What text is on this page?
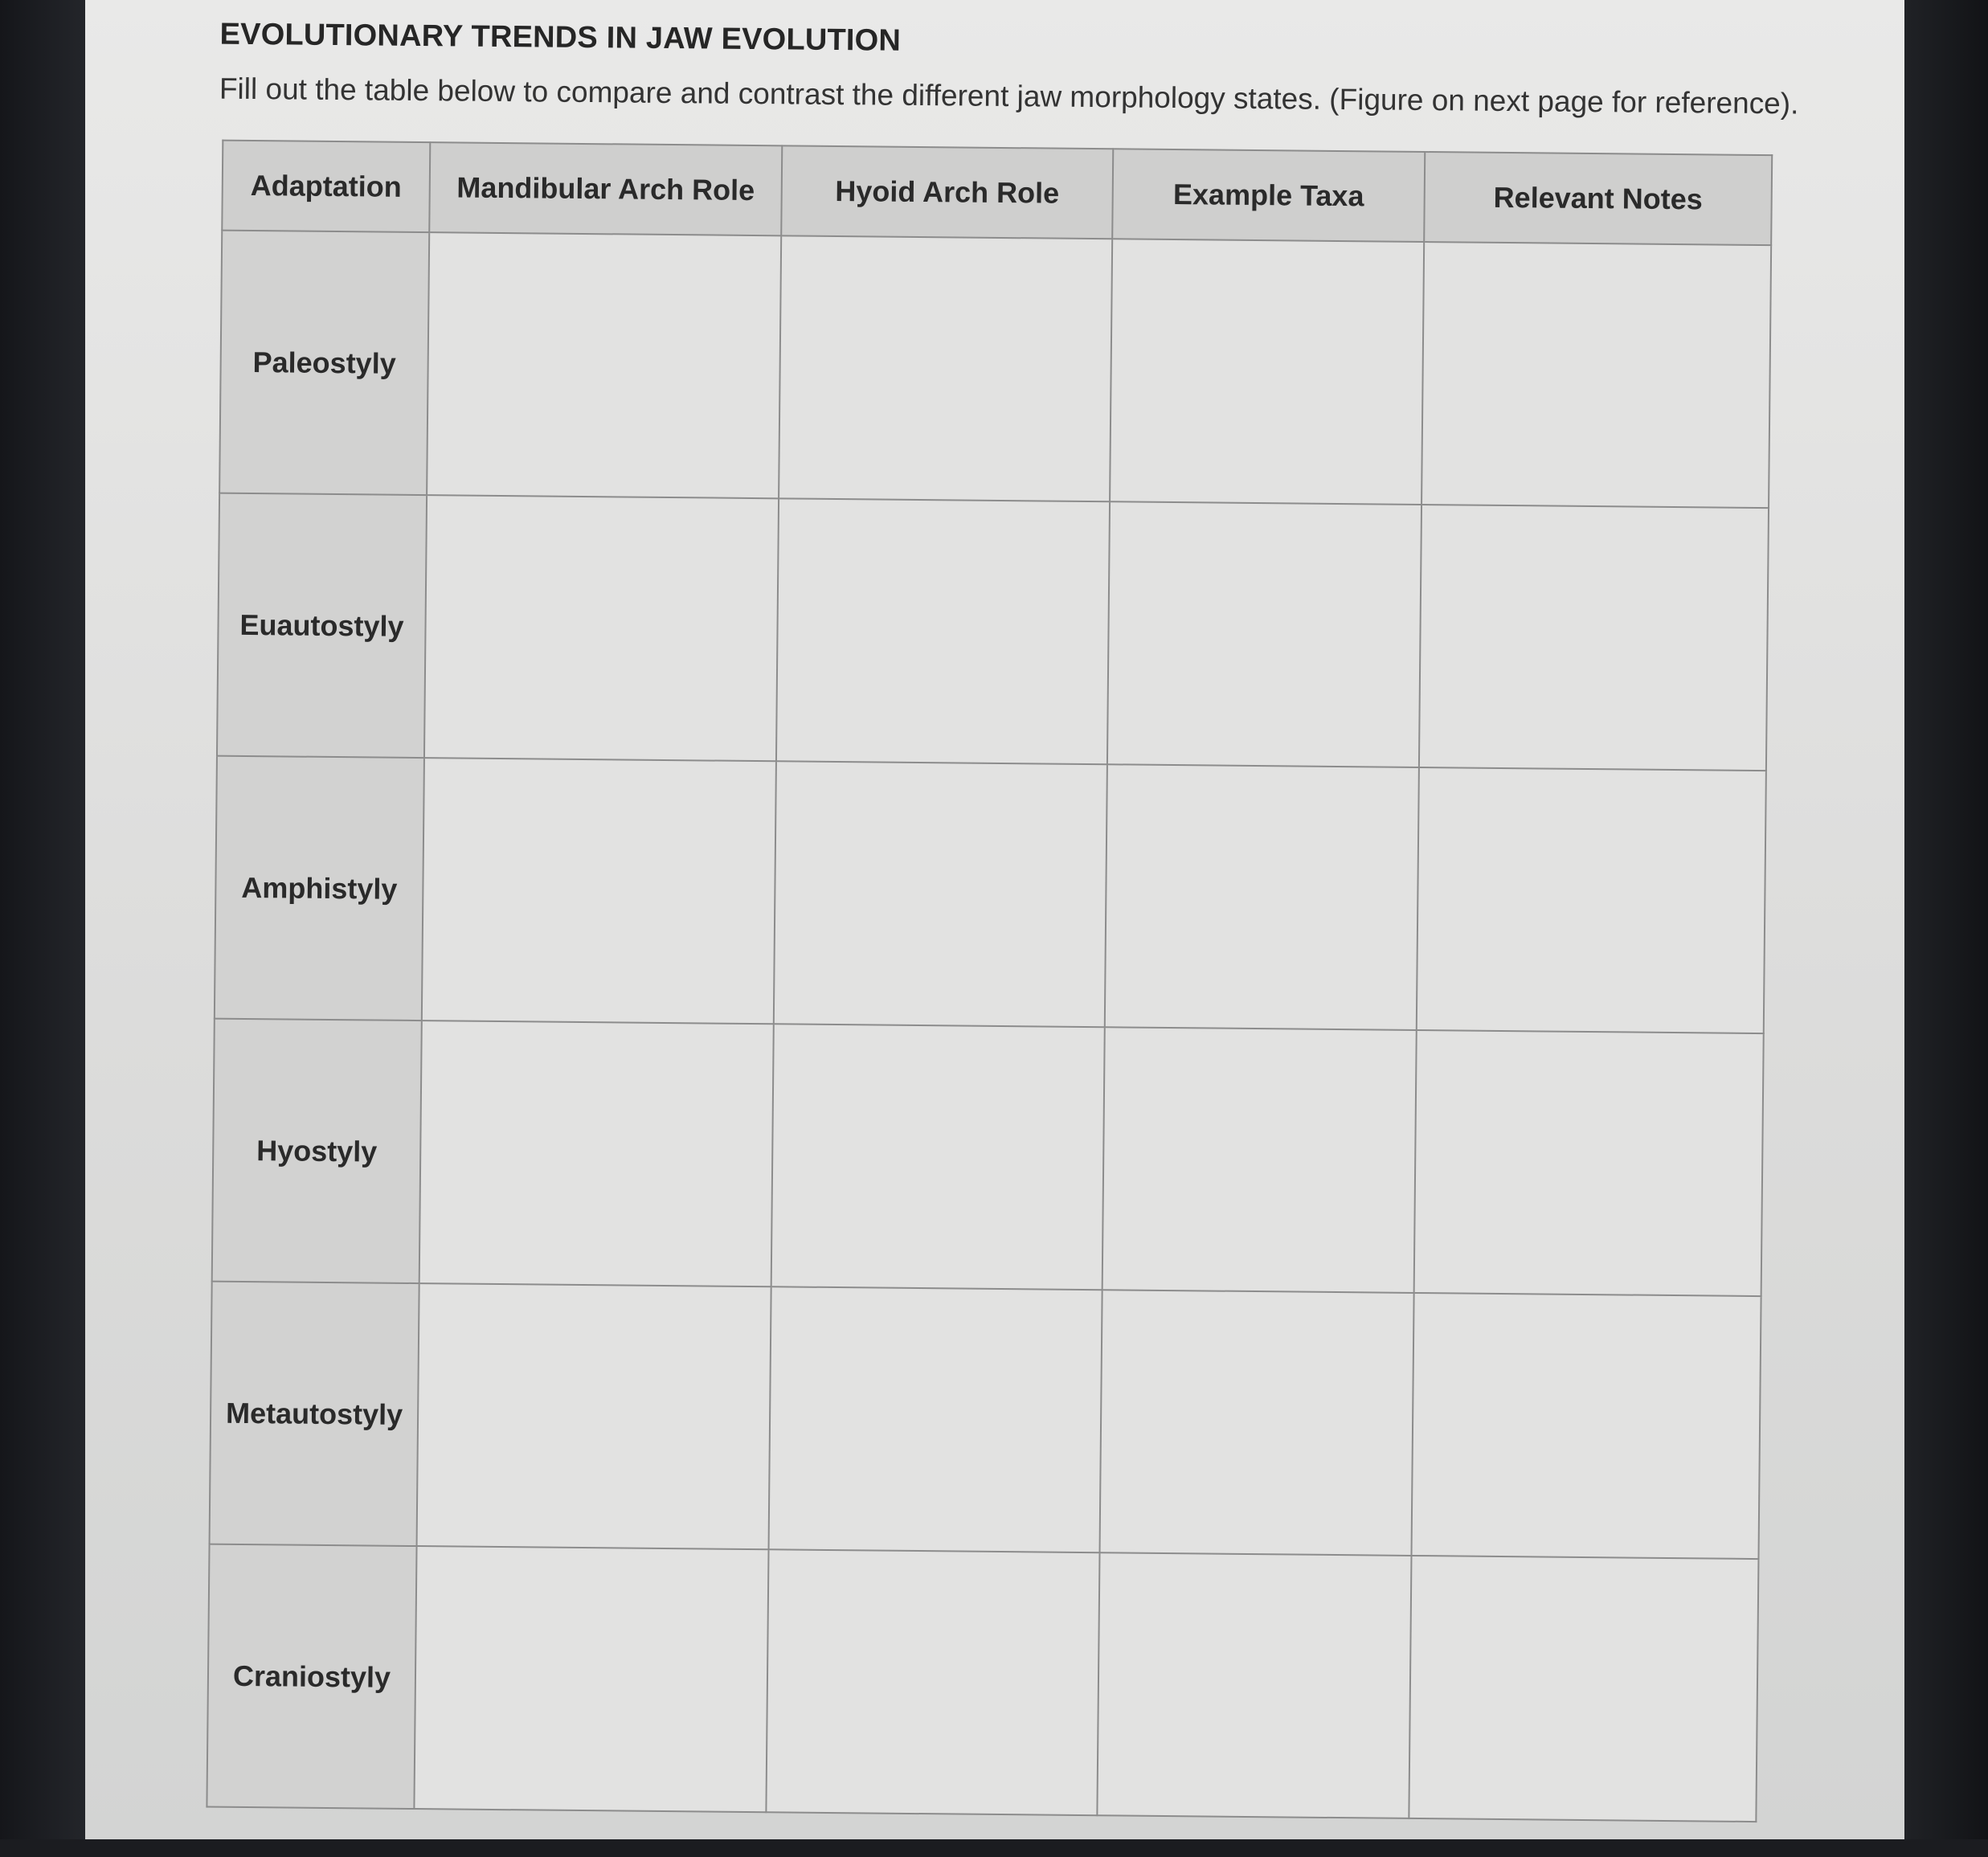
EVOLUTIONARY TRENDS IN JAW EVOLUTION
Fill out the table below to compare and contrast the different jaw morphology states. (Figure on next page for reference).
Adaptation	Mandibular Arch Role	Hyoid Arch Role	Example Taxa	Relevant Notes
Paleostyly				
Euautostyly				
Amphistyly				
Hyostyly				
Metautostyly				
Craniostyly				
